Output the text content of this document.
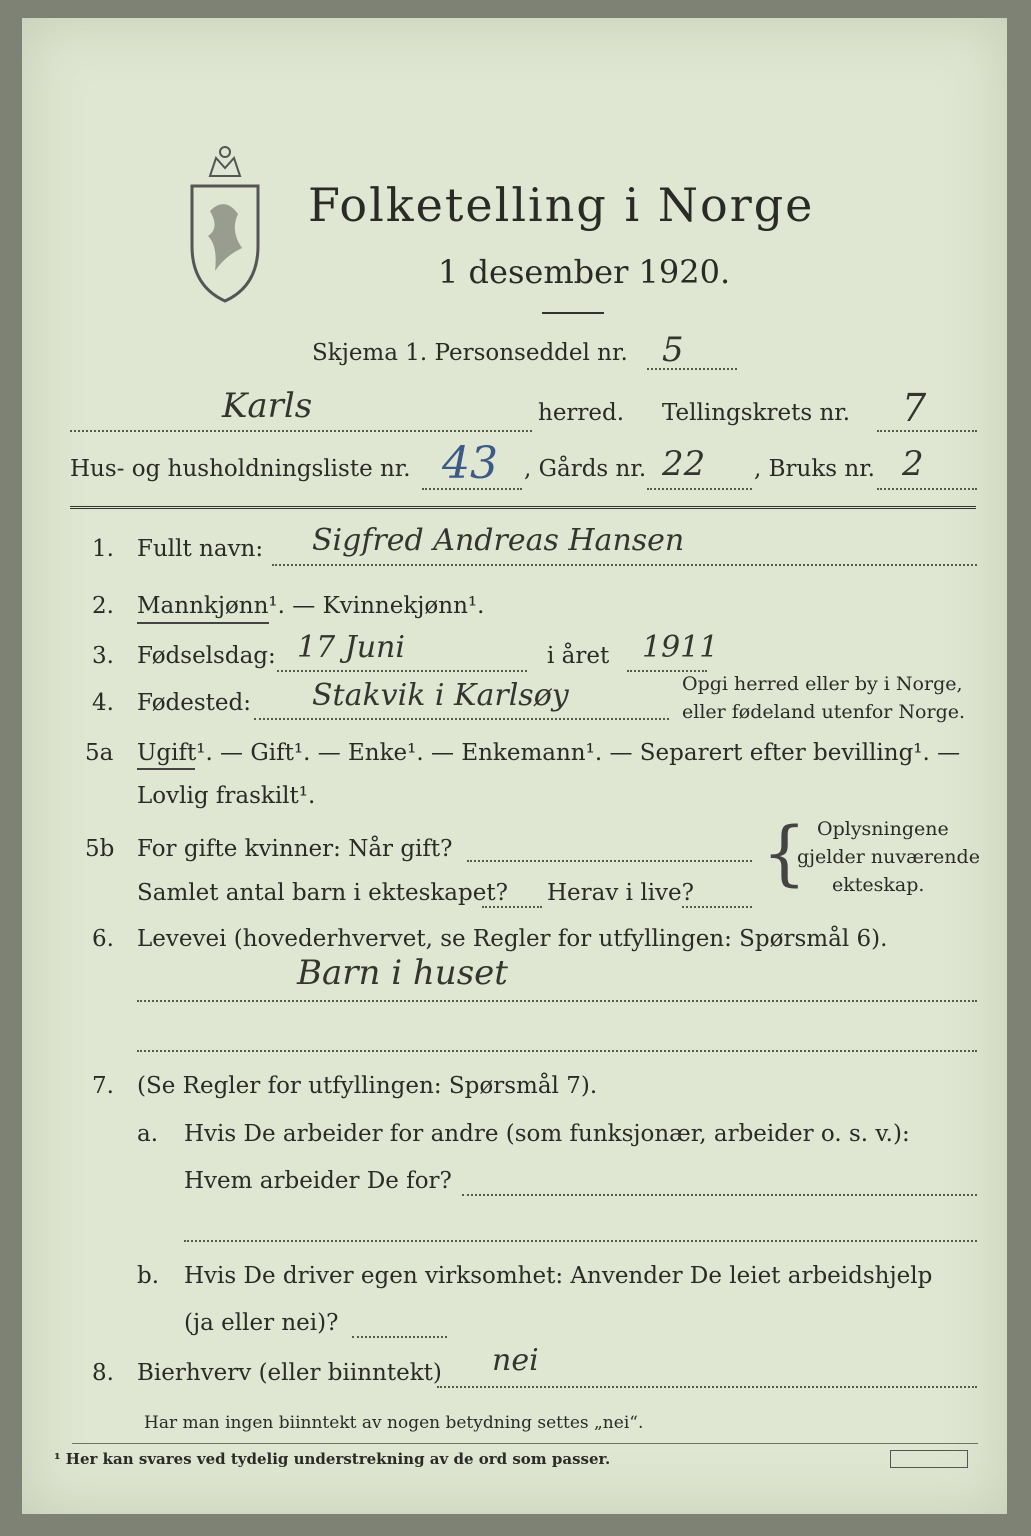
Folketelling i Norge
1 desember 1920.
Skjema 1. Personseddel nr. 5
Karls	herred. Tellingskrets nr. 7
Hus- og husholdningsliste nr. 43 , Gårds nr. 22 , Bruks nr. 2
1. Fullt navn: Sigfred Andreas Hansen
2. Mannkjønn¹. — Kvinnekjønn¹.
3. Fødselsdag: 17 Juni	i året 1911
4. Fødested: Stakvik i Karlsøy	Opgi herred eller by i Norge,
eller fødeland utenfor Norge.
5a Ugift¹. — Gift¹. — Enke¹. — Enkemann¹. — Separert efter bevilling¹. —
Lovlig fraskilt¹.
5b For gifte kvinner: Når gift?
Samlet antal barn i ekteskapet? Herav i live? { Oplysningene
gjelder nuværende
ekteskap.
6. Levevei (hovederhvervet, se Regler for utfyllingen: Spørsmål 6).
Barn i huset
7. (Se Regler for utfyllingen: Spørsmål 7).
a. Hvis De arbeider for andre (som funksjonær, arbeider o. s. v.):
Hvem arbeider De for?
b. Hvis De driver egen virksomhet: Anvender De leiet arbeidshjelp
(ja eller nei)?
8. Bierhverv (eller biinntekt) nei
Har man ingen biinntekt av nogen betydning settes „nei“.
¹ Her kan svares ved tydelig understrekning av de ord som passer.
